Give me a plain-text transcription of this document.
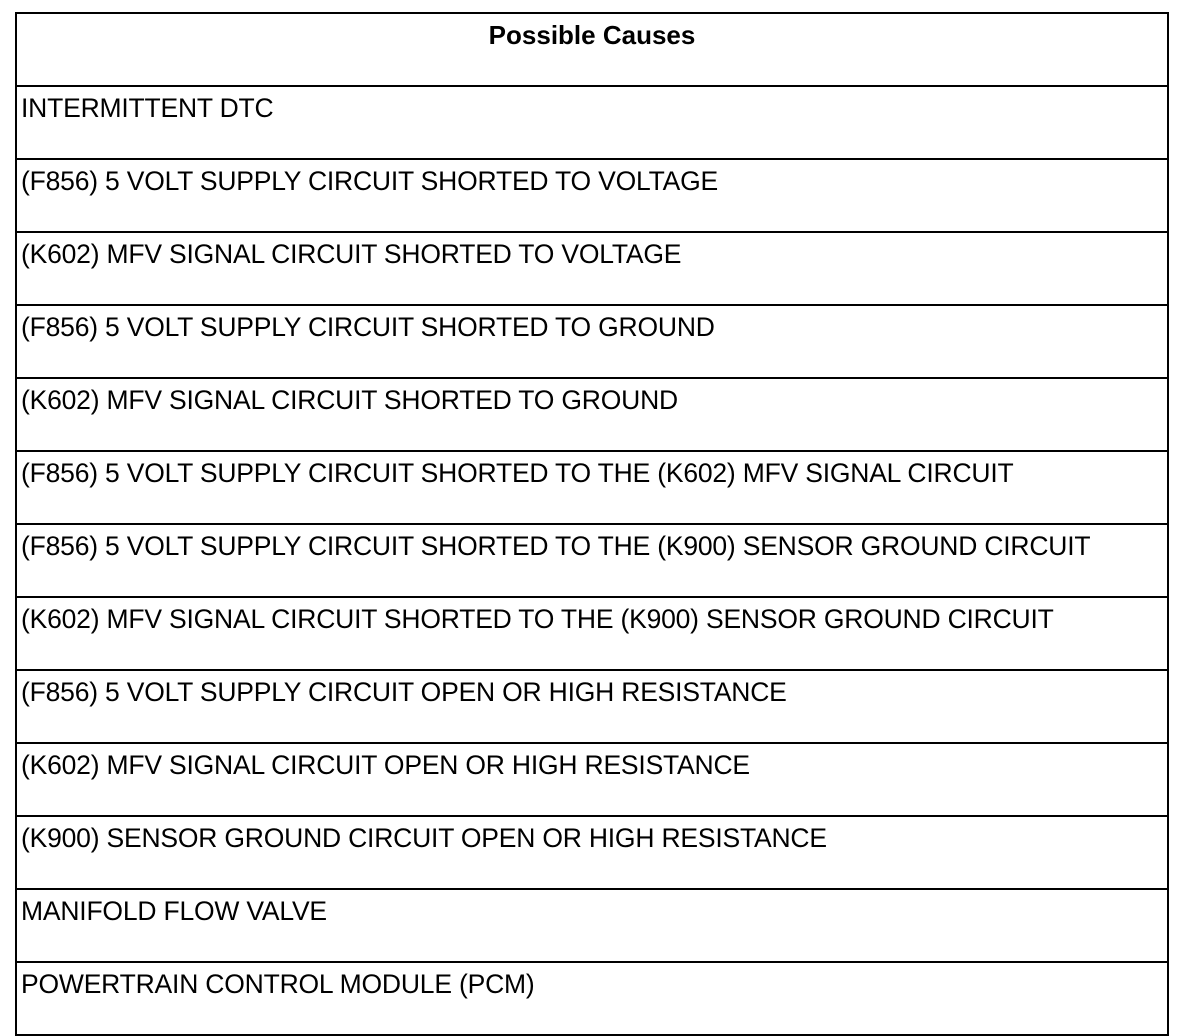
Possible Causes
INTERMITTENT DTC
(F856) 5 VOLT SUPPLY CIRCUIT SHORTED TO VOLTAGE
(K602) MFV SIGNAL CIRCUIT SHORTED TO VOLTAGE
(F856) 5 VOLT SUPPLY CIRCUIT SHORTED TO GROUND
(K602) MFV SIGNAL CIRCUIT SHORTED TO GROUND
(F856) 5 VOLT SUPPLY CIRCUIT SHORTED TO THE (K602) MFV SIGNAL CIRCUIT
(F856) 5 VOLT SUPPLY CIRCUIT SHORTED TO THE (K900) SENSOR GROUND CIRCUIT
(K602) MFV SIGNAL CIRCUIT SHORTED TO THE (K900) SENSOR GROUND CIRCUIT
(F856) 5 VOLT SUPPLY CIRCUIT OPEN OR HIGH RESISTANCE
(K602) MFV SIGNAL CIRCUIT OPEN OR HIGH RESISTANCE
(K900) SENSOR GROUND CIRCUIT OPEN OR HIGH RESISTANCE
MANIFOLD FLOW VALVE
POWERTRAIN CONTROL MODULE (PCM)
